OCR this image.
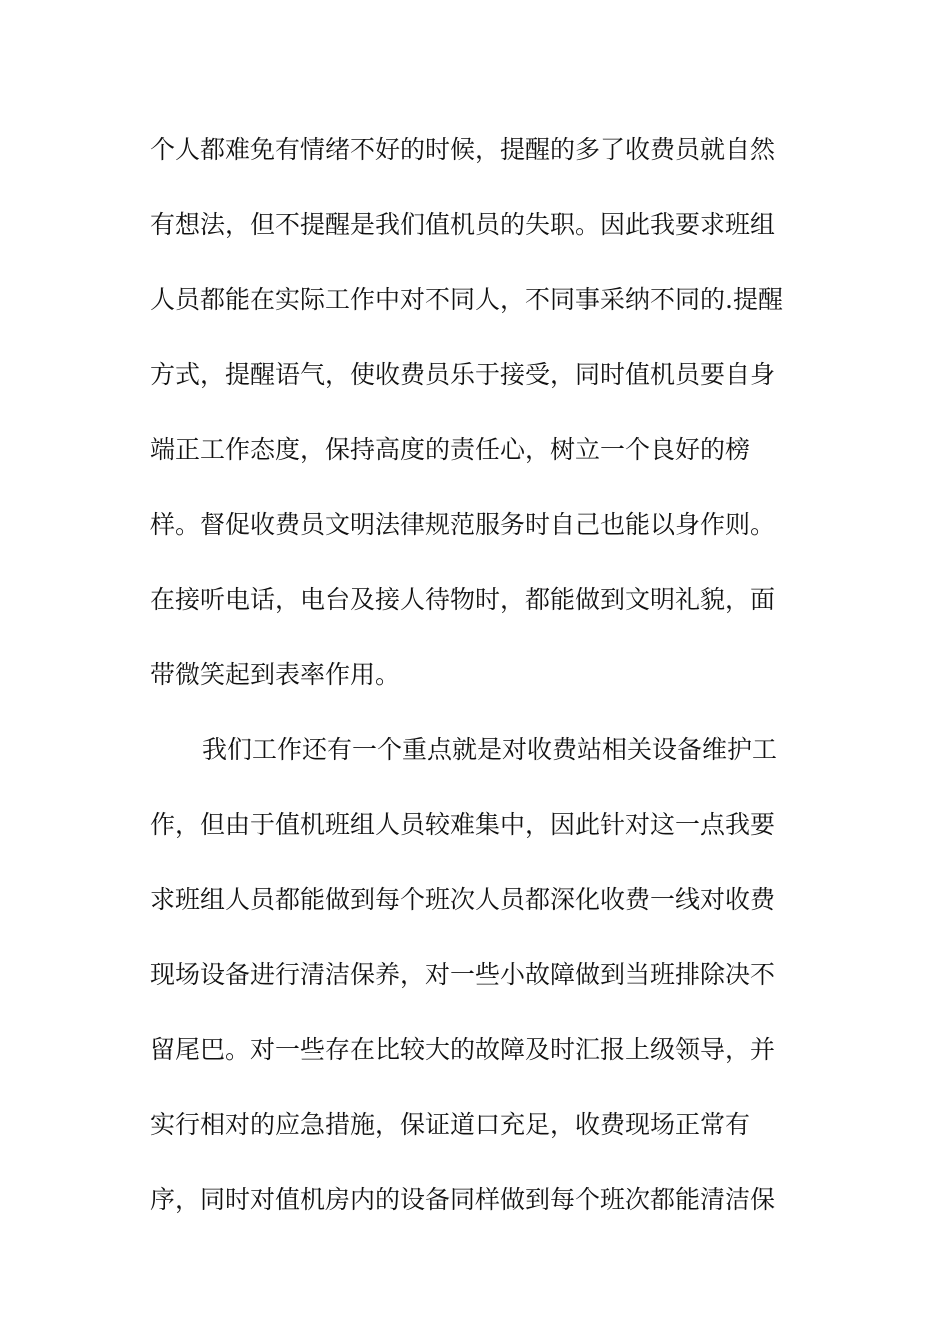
个人都难免有情绪不好的时候，提醒的多了收费员就自然
有想法，但不提醒是我们值机员的失职。因此我要求班组
人员都能在实际工作中对不同人，不同事采纳不同的.提醒
方式，提醒语气，使收费员乐于接受，同时值机员要自身
端正工作态度，保持高度的责任心，树立一个良好的榜
样。督促收费员文明法律规范服务时自己也能以身作则。
在接听电话，电台及接人待物时，都能做到文明礼貌，面
带微笑起到表率作用。
我们工作还有一个重点就是对收费站相关设备维护工
作，但由于值机班组人员较难集中，因此针对这一点我要
求班组人员都能做到每个班次人员都深化收费一线对收费
现场设备进行清洁保养，对一些小故障做到当班排除决不
留尾巴。对一些存在比较大的故障及时汇报上级领导，并
实行相对的应急措施，保证道口充足，收费现场正常有
序，同时对值机房内的设备同样做到每个班次都能清洁保
